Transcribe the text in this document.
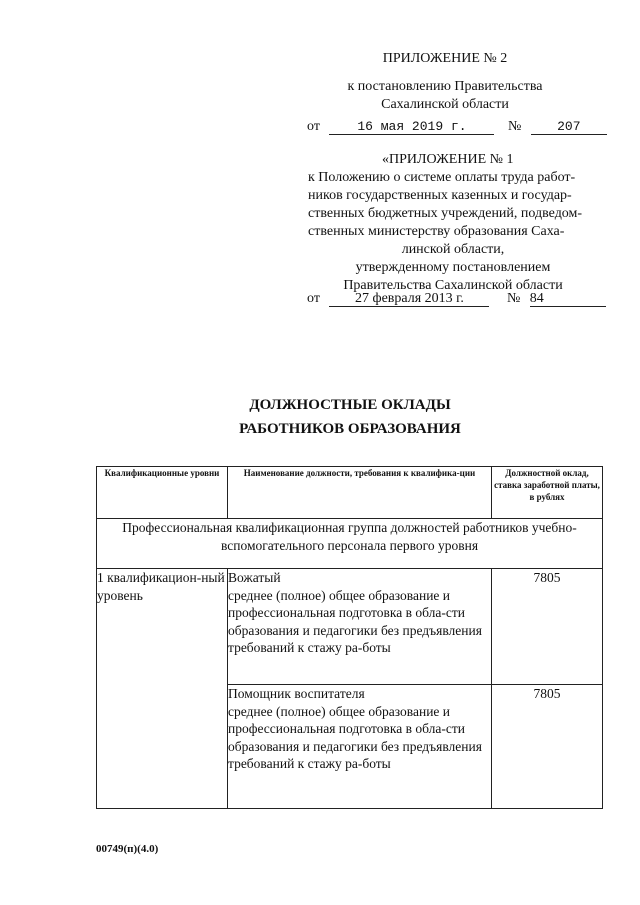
ПРИЛОЖЕНИЕ № 2
к постановлению Правительства
Сахалинской области
от	16 мая 2019 г.	№	207
«ПРИЛОЖЕНИЕ № 1
к Положению о системе оплаты труда работ-
ников государственных казенных и государ-
ственных бюджетных учреждений, подведом-
ственных министерству образования Саха-
линской области,
утвержденному постановлением
Правительства Сахалинской области
от	27 февраля 2013 г.	№ 84
ДОЛЖНОСТНЫЕ ОКЛАДЫ
РАБОТНИКОВ ОБРАЗОВАНИЯ
Квалификационные уровни	Наименование должности, требования к квалифика-ции	Должностной оклад, ставка заработной платы, в рублях
Профессиональная квалификационная группа должностей работников учебно-вспомогательного персонала первого уровня		
1 квалификацион-ный уровень	Вожатый
среднее (полное) общее образование и профессиональная подготовка в обла-сти образования и педагогики без предъявления требований к стажу ра-боты	7805

	Помощник воспитателя
среднее (полное) общее образование и профессиональная подготовка в обла-сти образования и педагогики без предъявления требований к стажу ра-боты	7805
00749(п)(4.0)
